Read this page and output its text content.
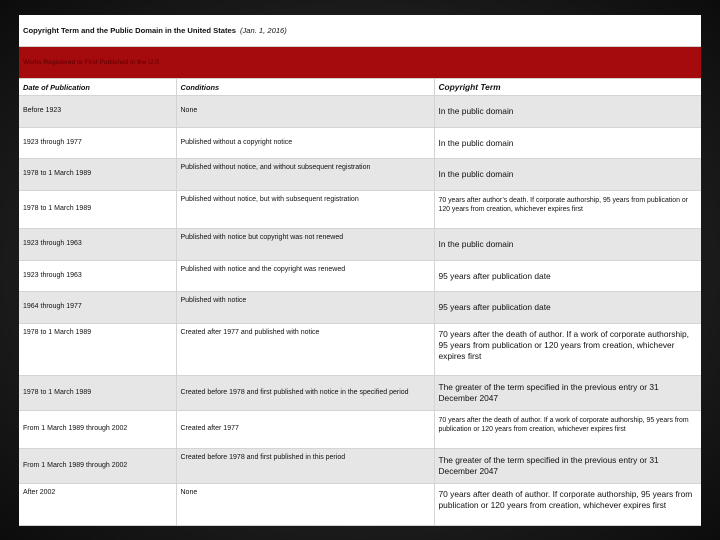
Copyright Term and the Public Domain in the United States (Jan. 1, 2016)
Works Registered or First Published in the U.S.
Date of Publication	Conditions	Copyright Term
Before 1923	None	In the public domain
1923 through 1977	Published without a copyright notice	In the public domain
1978 to 1 March 1989	Published without notice, and without subsequent registration	In the public domain
1978 to 1 March 1989	Published without notice, but with subsequent registration	70 years after author’s death. If corporate authorship, 95 years from publication or 120 years from creation, whichever expires first
1923 through 1963	Published with notice but copyright was not renewed	In the public domain
1923 through 1963	Published with notice and the copyright was renewed	95 years after publication date
1964 through 1977	Published with notice	95 years after publication date
1978 to 1 March 1989	Created after 1977 and published with notice	70 years after the death of author. If a work of corporate authorship, 95 years from publication or 120 years from creation, whichever expires first
1978 to 1 March 1989	Created before 1978 and first published with notice in the specified period	The greater of the term specified in the previous entry or 31 December 2047
From 1 March 1989 through 2002	Created after 1977	70 years after the death of author. If a work of corporate authorship, 95 years from publication or 120 years from creation, whichever expires first
From 1 March 1989 through 2002	Created before 1978 and first published in this period	The greater of the term specified in the previous entry or 31 December 2047
After 2002	None	70 years after death of author. If corporate authorship, 95 years from publication or 120 years from creation, whichever expires first
